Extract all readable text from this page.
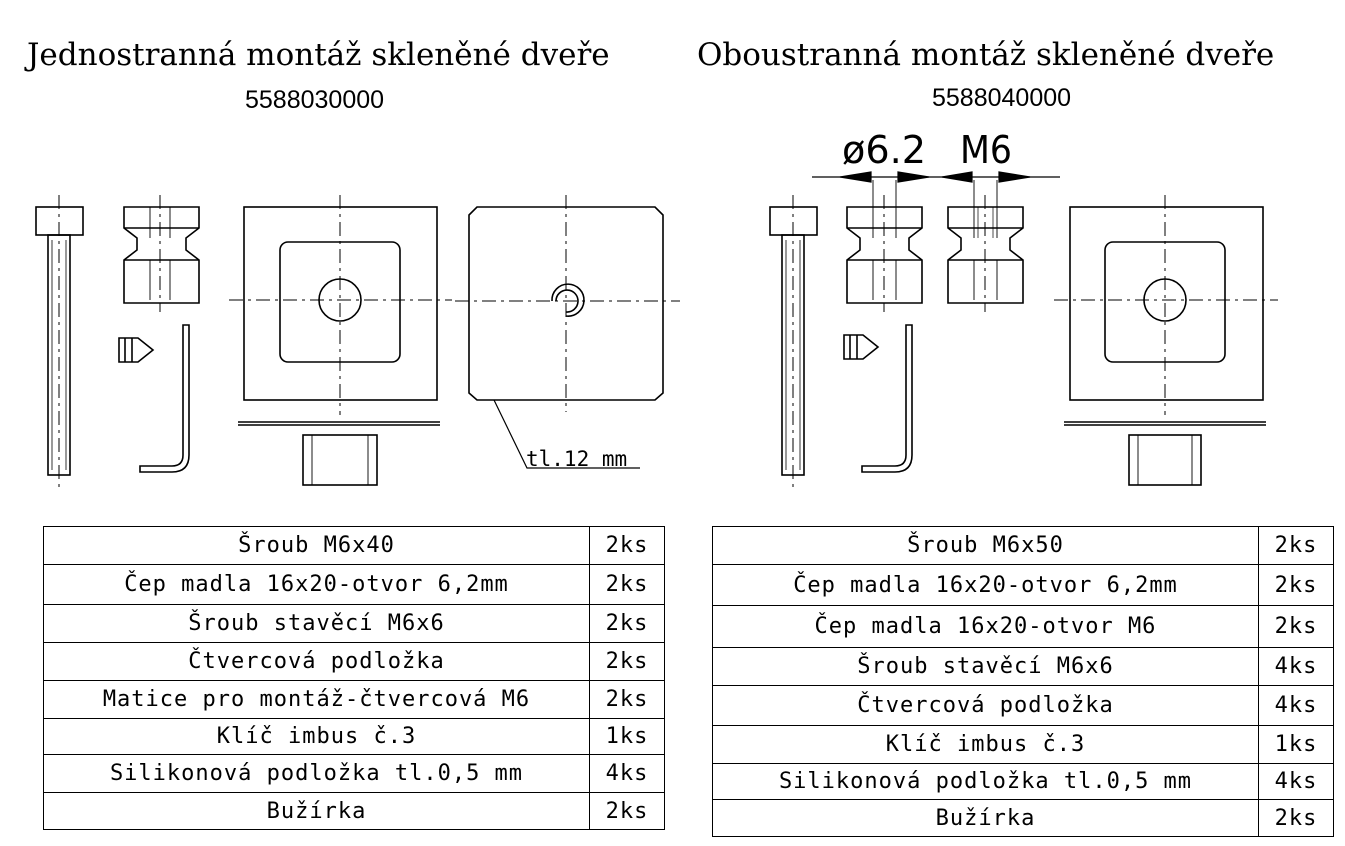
Jednostranná montáž skleněné dveře
5588030000
Oboustranná montáž skleněné dveře
5588040000
tl.12 mm
ø6.2 M6
Šroub M6x40	2ks
Čep madla 16x20-otvor 6,2mm	2ks
Šroub stavěcí M6x6	2ks
Čtvercová podložka	2ks
Matice pro montáž-čtvercová M6	2ks
Klíč imbus č.3	1ks
Silikonová podložka tl.0,5 mm	4ks
Bužírka	2ks
Šroub M6x50	2ks
Čep madla 16x20-otvor 6,2mm	2ks
Čep madla 16x20-otvor M6	2ks
Šroub stavěcí M6x6	4ks
Čtvercová podložka	4ks
Klíč imbus č.3	1ks
Silikonová podložka tl.0,5 mm	4ks
Bužírka	2ks
